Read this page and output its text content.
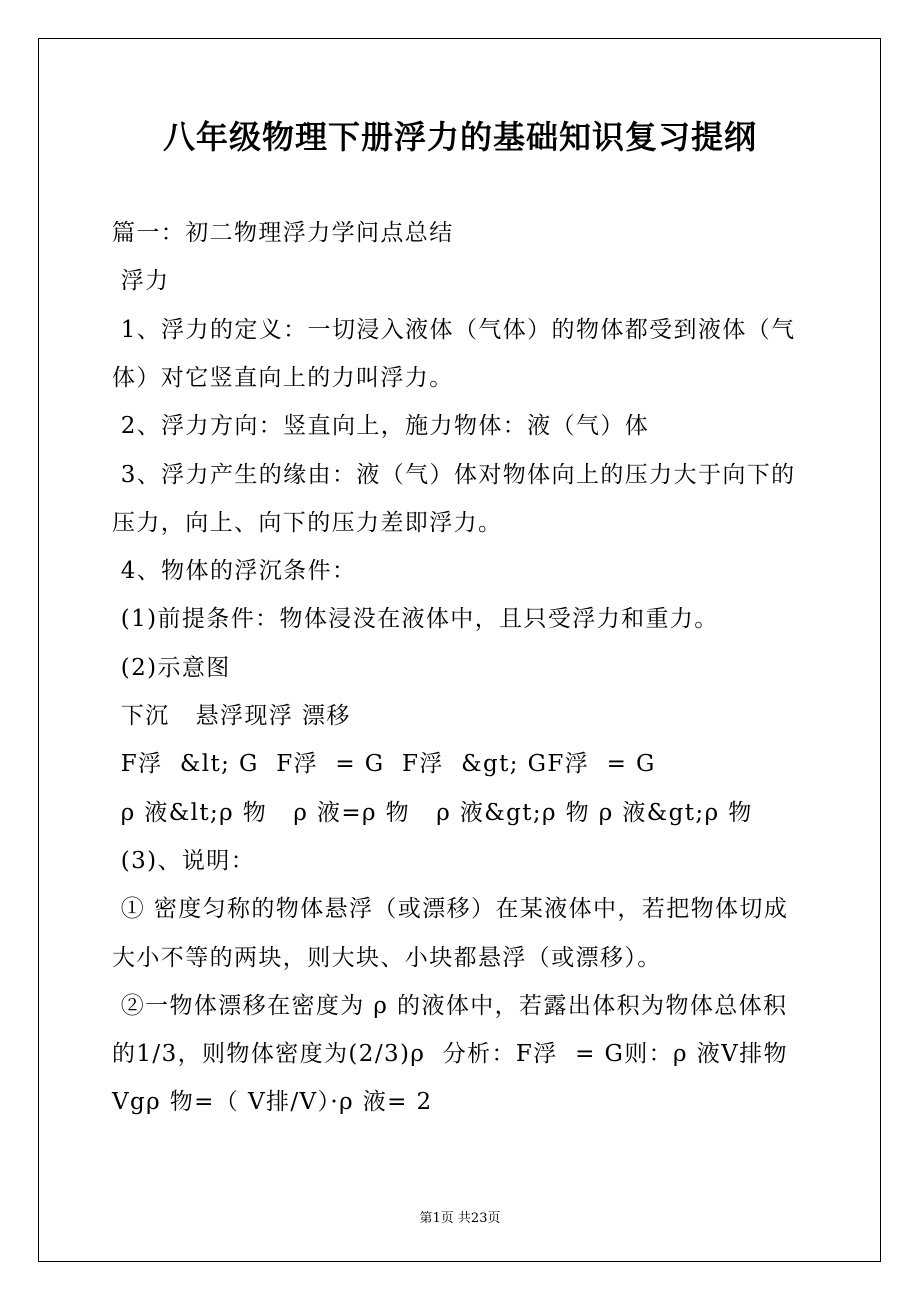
八年级物理下册浮力的基础知识复习提纲
篇一：初二物理浮力学问点总结
浮力
1、浮力的定义：一切浸入液体（气体）的物体都受到液体（气
体）对它竖直向上的力叫浮力。
2、浮力方向：竖直向上，施力物体：液（气）体
3、浮力产生的缘由：液（气）体对物体向上的压力大于向下的
压力，向上、向下的压力差即浮力。
4、物体的浮沉条件：
(1)前提条件：物体浸没在液体中，且只受浮力和重力。
(2)示意图
下沉   悬浮现浮 漂移
F浮  &lt; G  F浮  = G  F浮  &gt; GF浮  = G
ρ 液&lt;ρ 物   ρ 液=ρ 物   ρ 液&gt;ρ 物 ρ 液&gt;ρ 物
(3)、说明：
① 密度匀称的物体悬浮（或漂移）在某液体中，若把物体切成
大小不等的两块，则大块、小块都悬浮（或漂移）。
②一物体漂移在密度为 ρ 的液体中，若露出体积为物体总体积
的1/3，则物体密度为(2/3)ρ  分析：F浮  = G则：ρ 液V排物
Vgρ 物=（ V排/V）·ρ 液= 2
第1页 共23页
